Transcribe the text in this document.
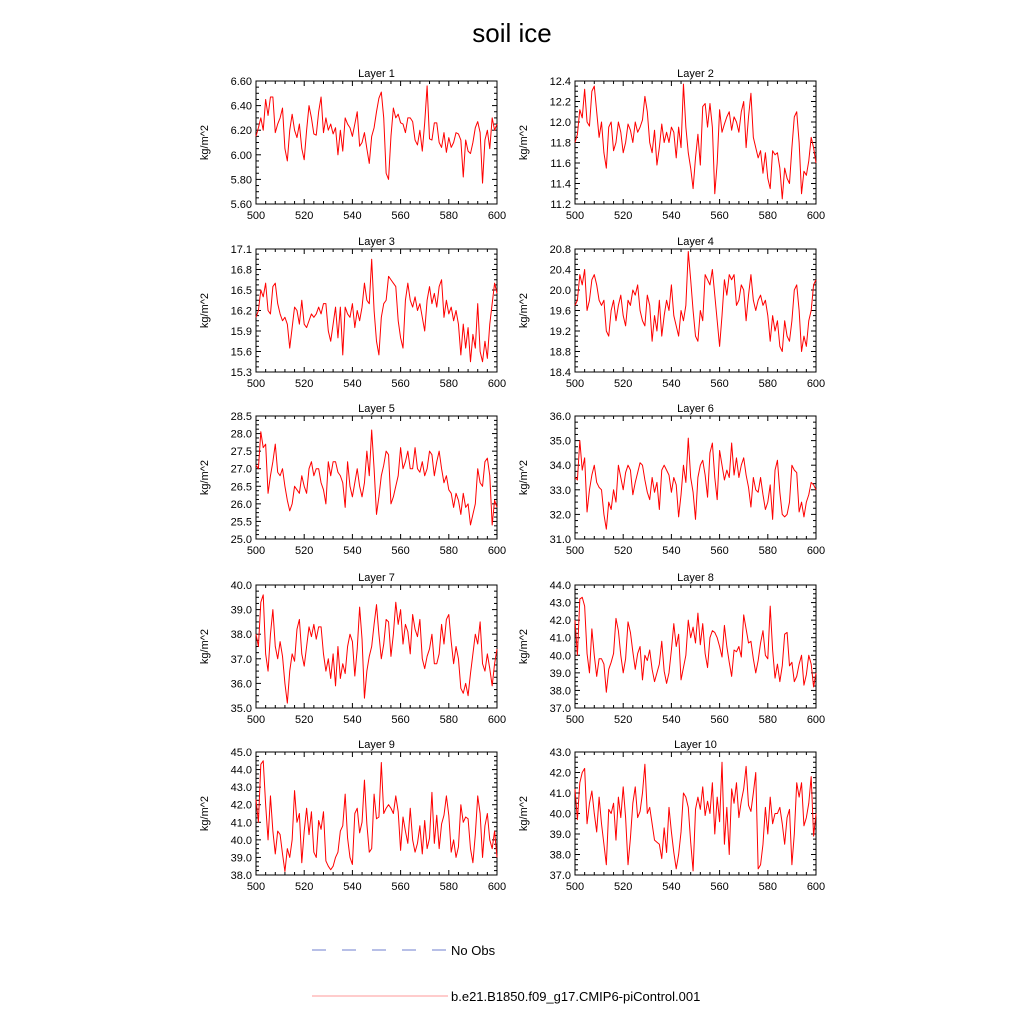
soil ice
Layer 1
kg/m^2
500	520	540	560	580	600
5.60
5.80
6.00
6.20
6.40
6.60
Layer 2
kg/m^2
500	520	540	560	580	600
11.2
11.4
11.6
11.8
12.0
12.2
12.4
Layer 3
kg/m^2
500	520	540	560	580	600
15.3
15.6
15.9
16.2
16.5
16.8
17.1
Layer 4
kg/m^2
500	520	540	560	580	600
18.4
18.8
19.2
19.6
20.0
20.4
20.8
Layer 5
kg/m^2
500	520	540	560	580	600
25.0
25.5
26.0
26.5
27.0
27.5
28.0
28.5
Layer 6
kg/m^2
500	520	540	560	580	600
31.0
32.0
33.0
34.0
35.0
36.0
Layer 7
kg/m^2
500	520	540	560	580	600
35.0
36.0
37.0
38.0
39.0
40.0
Layer 8
kg/m^2
500	520	540	560	580	600
37.0
38.0
39.0
40.0
41.0
42.0
43.0
44.0
Layer 9
kg/m^2
500	520	540	560	580	600
38.0
39.0
40.0
41.0
42.0
43.0
44.0
45.0
Layer 10
kg/m^2
500	520	540	560	580	600
37.0
38.0
39.0
40.0
41.0
42.0
43.0
No Obs
b.e21.B1850.f09_g17.CMIP6-piControl.001
